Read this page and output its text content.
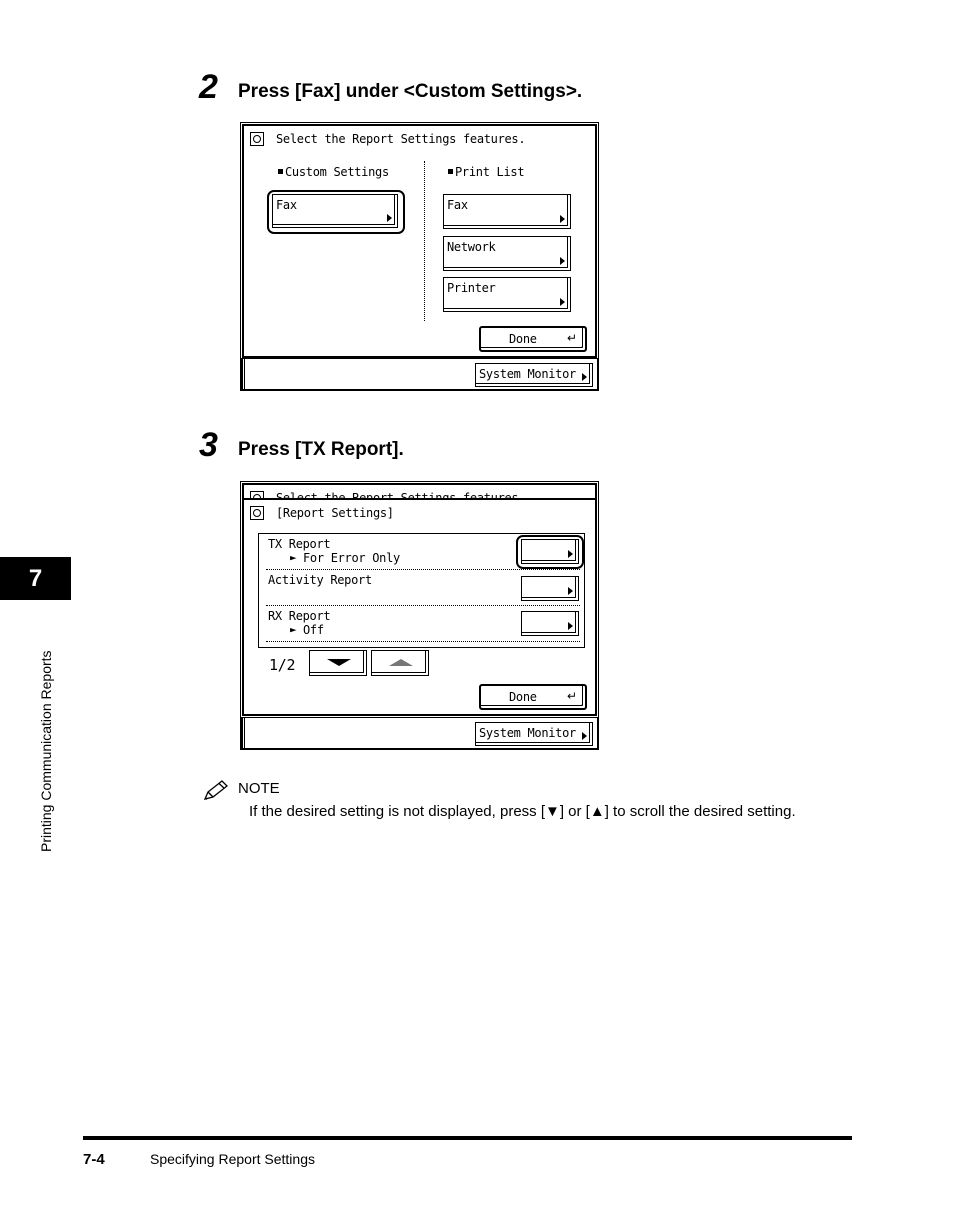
7
Printing Communication Reports
2 Press [Fax] under <Custom Settings>.
Select the Report Settings features.
Custom Settings	Print List
Fax	Fax
Network
Printer
Done	↵
System Monitor
3 Press [TX Report].
[Report Settings]
TX Report
► For Error Only
Activity Report
RX Report
► Off
1/2
Done	↵
System Monitor
NOTE
If the desired setting is not displayed, press [▼] or [▲] to scroll the desired setting.
7-4	Specifying Report Settings
